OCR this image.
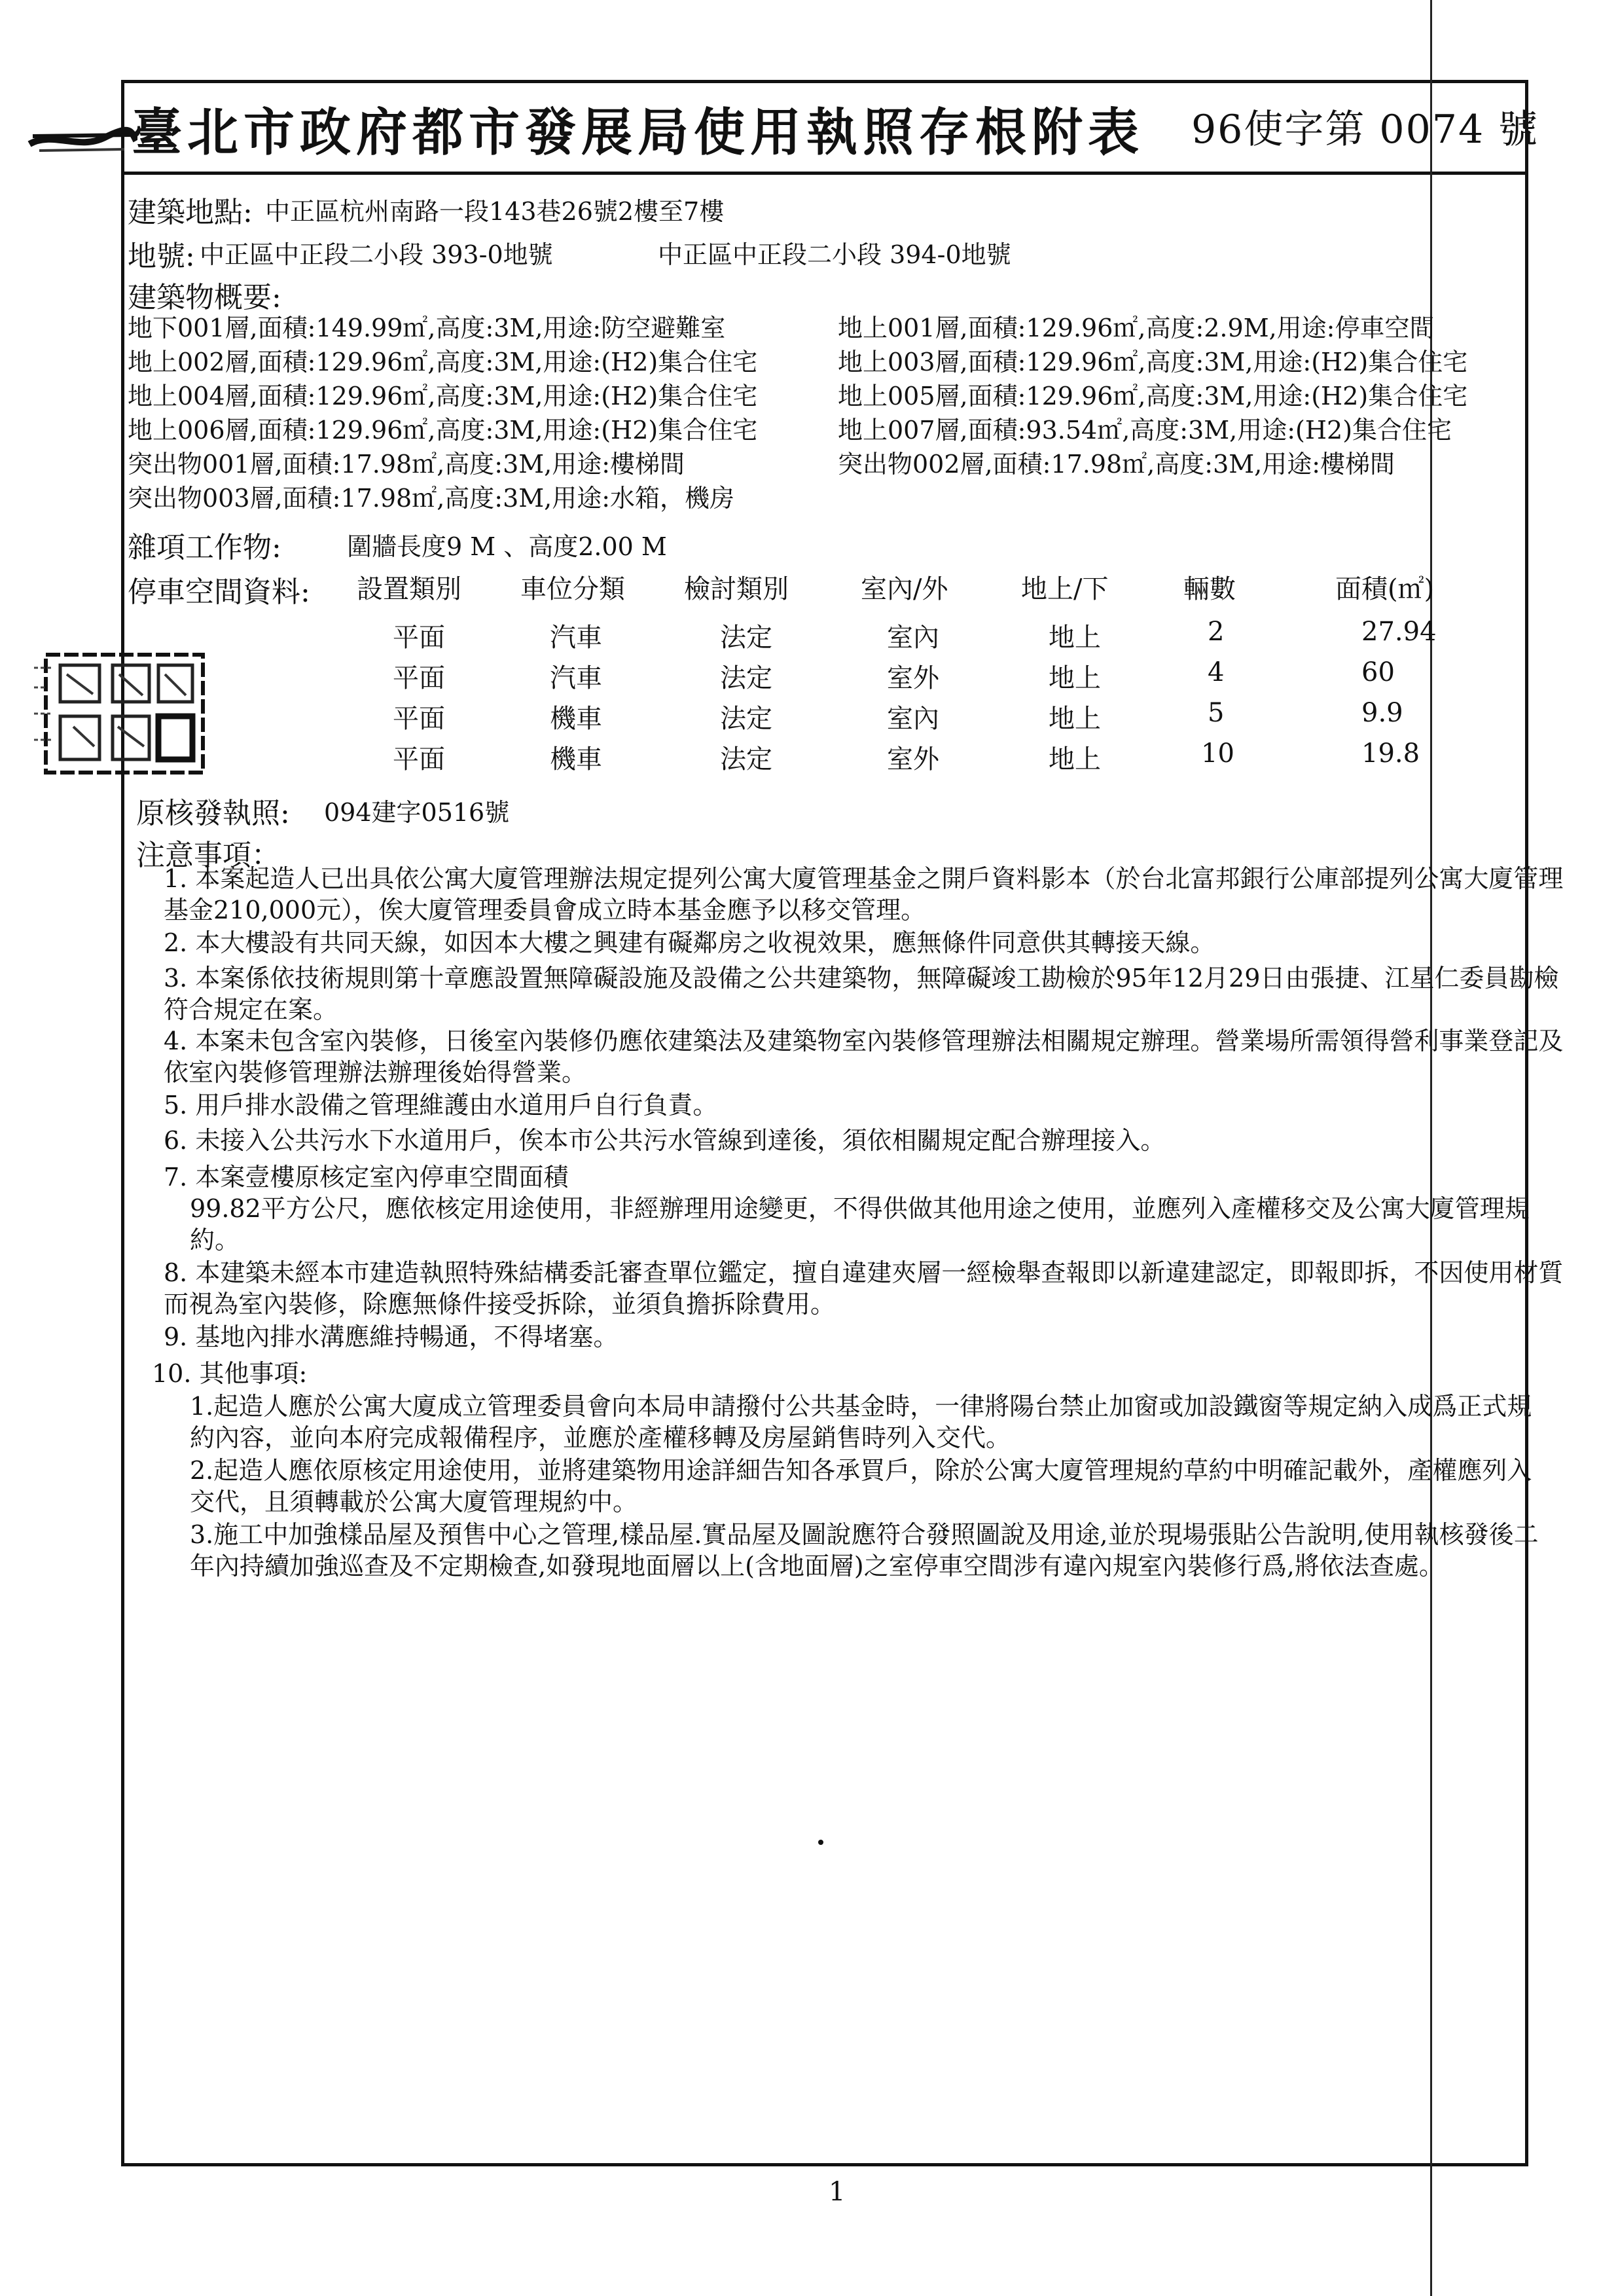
臺北市政府都市發展局使用執照存根附表 96使字第 0074 號
建築地點: 中正區杭州南路一段143巷26號2樓至7樓
地號: 中正區中正段二小段 393-0地號	中正區中正段二小段 394-0地號
建築物概要:
地下001層,面積:149.99㎡,高度:3M,用途:防空避難室	地上001層,面積:129.96㎡,高度:2.9M,用途:停車空間
地上002層,面積:129.96㎡,高度:3M,用途:(H2)集合住宅	地上003層,面積:129.96㎡,高度:3M,用途:(H2)集合住宅
地上004層,面積:129.96㎡,高度:3M,用途:(H2)集合住宅	地上005層,面積:129.96㎡,高度:3M,用途:(H2)集合住宅
地上006層,面積:129.96㎡,高度:3M,用途:(H2)集合住宅	地上007層,面積:93.54㎡,高度:3M,用途:(H2)集合住宅
突出物001層,面積:17.98㎡,高度:3M,用途:樓梯間	突出物002層,面積:17.98㎡,高度:3M,用途:樓梯間
突出物003層,面積:17.98㎡,高度:3M,用途:水箱，機房
雜項工作物:	圍牆長度9 M 、高度2.00 M
停車空間資料: 設置類別 車位分類 檢討類別	室內/外	地上/下	輛數	面積(㎡)
平面	汽車	法定	室內	地上	2	27.94
平面	汽車	法定	室外	地上	4	60
平面	機車	法定	室內	地上	5	9.9
平面	機車	法定	室外	地上	10	19.8
原核發執照: 094建字0516號
注意事項：
1. 本案起造人已出具依公寓大廈管理辦法規定提列公寓大廈管理基金之開戶資料影本（於台北富邦銀行公庫部提列公寓大廈管理基金210,000元），俟大廈管理委員會成立時本基金應予以移交管理。
2. 本大樓設有共同天線，如因本大樓之興建有礙鄰房之收視效果，應無條件同意供其轉接天線。
3. 本案係依技術規則第十章應設置無障礙設施及設備之公共建築物，無障礙竣工勘檢於95年12月29日由張捷、江星仁委員勘檢符合規定在案。
4. 本案未包含室內裝修，日後室內裝修仍應依建築法及建築物室內裝修管理辦法相關規定辦理。營業場所需領得營利事業登記及依室內裝修管理辦法辦理後始得營業。
5. 用戶排水設備之管理維護由水道用戶自行負責。
6. 未接入公共污水下水道用戶，俟本市公共污水管線到達後，須依相關規定配合辦理接入。
7. 本案壹樓原核定室內停車空間面積
99.82平方公尺，應依核定用途使用，非經辦理用途變更，不得供做其他用途之使用，並應列入產權移交及公寓大廈管理規約。
8. 本建築未經本市建造執照特殊結構委託審查單位鑑定，擅自違建夾層一經檢舉查報即以新違建認定，即報即拆，不因使用材質而視為室內裝修，除應無條件接受拆除，並須負擔拆除費用。
9. 基地內排水溝應維持暢通，不得堵塞。
10. 其他事項:
1.起造人應於公寓大廈成立管理委員會向本局申請撥付公共基金時，一律將陽台禁止加窗或加設鐵窗等規定納入成爲正式規約內容，並向本府完成報備程序，並應於產權移轉及房屋銷售時列入交代。
2.起造人應依原核定用途使用，並將建築物用途詳細告知各承買戶，除於公寓大廈管理規約草約中明確記載外，產權應列入交代，且須轉載於公寓大廈管理規約中。
3.施工中加強樣品屋及預售中心之管理,樣品屋.實品屋及圖說應符合發照圖說及用途,並於現場張貼公告說明,使用執核發後二年內持續加強巡查及不定期檢查,如發現地面層以上(含地面層)之室停車空間涉有違內規室內裝修行爲,將依法查處。
1
